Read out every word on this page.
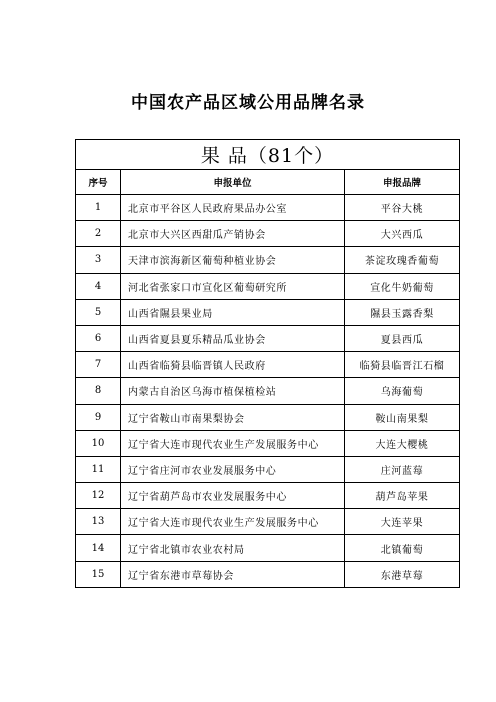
中国农产品区域公用品牌名录
果 品（81个）		
序号	申报单位	申报品牌
1	北京市平谷区人民政府果品办公室	平谷大桃
2	北京市大兴区西甜瓜产销协会	大兴西瓜
3	天津市滨海新区葡萄种植业协会	茶淀玫瑰香葡萄
4	河北省张家口市宣化区葡萄研究所	宣化牛奶葡萄
5	山西省隰县果业局	隰县玉露香梨
6	山西省夏县夏乐精品瓜业协会	夏县西瓜
7	山西省临猗县临晋镇人民政府	临猗县临晋江石榴
8	内蒙古自治区乌海市植保植检站	乌海葡萄
9	辽宁省鞍山市南果梨协会	鞍山南果梨
10	辽宁省大连市现代农业生产发展服务中心	大连大樱桃
11	辽宁省庄河市农业发展服务中心	庄河蓝莓
12	辽宁省葫芦岛市农业发展服务中心	葫芦岛苹果
13	辽宁省大连市现代农业生产发展服务中心	大连苹果
14	辽宁省北镇市农业农村局	北镇葡萄
15	辽宁省东港市草莓协会	东港草莓
